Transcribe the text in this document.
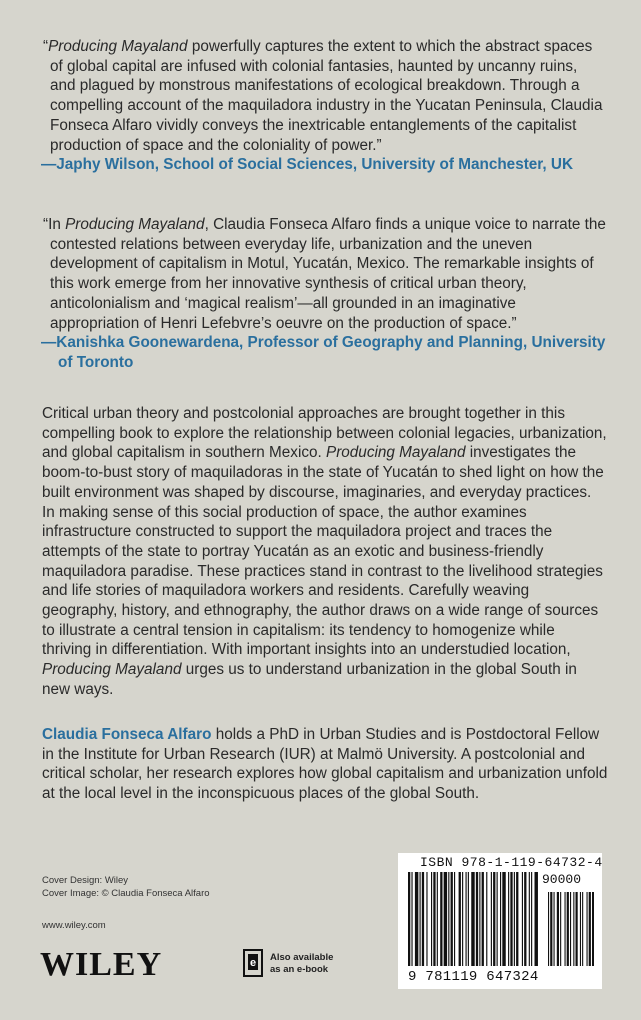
“Producing Mayaland powerfully captures the extent to which the abstract spaces of global capital are infused with colonial fantasies, haunted by uncanny ruins, and plagued by monstrous manifestations of ecological breakdown. Through a compelling account of the maquiladora industry in the Yucatan Peninsula, Claudia Fonseca Alfaro vividly conveys the inextricable entanglements of the capitalist production of space and the coloniality of power.”

—Japhy Wilson, School of Social Sciences, University of Manchester, UK

“In Producing Mayaland, Claudia Fonseca Alfaro finds a unique voice to narrate the contested relations between everyday life, urbanization and the uneven development of capitalism in Motul, Yucatán, Mexico. The remarkable insights of this work emerge from her innovative synthesis of critical urban theory, anticolonialism and ‘magical realism’—all grounded in an imaginative appropriation of Henri Lefebvre’s oeuvre on the production of space.”

—Kanishka Goonewardena, Professor of Geography and Planning, University of Toronto

Critical urban theory and postcolonial approaches are brought together in this compelling book to explore the relationship between colonial legacies, urbanization, and global capitalism in southern Mexico. Producing Mayaland investigates the boom-to-bust story of maquiladoras in the state of Yucatán to shed light on how the built environment was shaped by discourse, imaginaries, and everyday practices. In making sense of this social production of space, the author examines infrastructure constructed to support the maquiladora project and traces the attempts of the state to portray Yucatán as an exotic and business-friendly maquiladora paradise. These practices stand in contrast to the livelihood strategies and life stories of maquiladora workers and residents. Carefully weaving geography, history, and ethnography, the author draws on a wide range of sources to illustrate a central tension in capitalism: its tendency to homogenize while thriving in differentiation. With important insights into an understudied location, Producing Mayaland urges us to understand urbanization in the global South in new ways.

Claudia Fonseca Alfaro holds a PhD in Urban Studies and is Postdoctoral Fellow in the Institute for Urban Research (IUR) at Malmö University. A postcolonial and critical scholar, her research explores how global capitalism and urbanization unfold at the local level in the inconspicuous places of the global South.

Cover Design: Wiley
Cover Image: © Claudia Fonseca Alfaro
www.wiley.com
WILEY	e Also available
as an e-book
ISBN 978-1-119-64732-4
90000
9 781119 647324
